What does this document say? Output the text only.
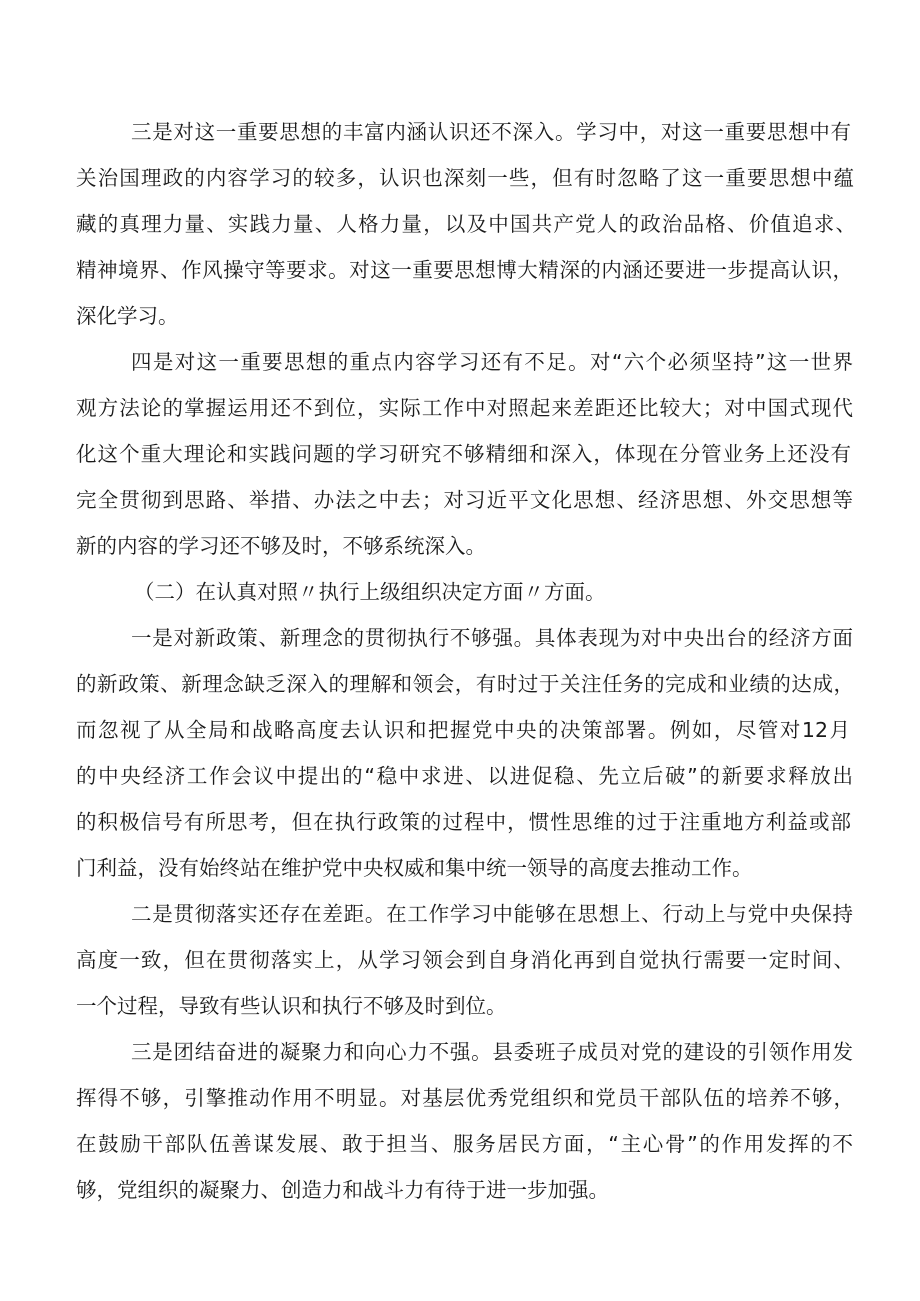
三是对这一重要思想的丰富内涵认识还不深入。学习中，对这一重要思想中有
关治国理政的内容学习的较多，认识也深刻一些，但有时忽略了这一重要思想中蕴
藏的真理力量、实践力量、人格力量，以及中国共产党人的政治品格、价值追求、
精神境界、作风操守等要求。对这一重要思想博大精深的内涵还要进一步提高认识，
深化学习。
四是对这一重要思想的重点内容学习还有不足。对“六个必须坚持”这一世界
观方法论的掌握运用还不到位，实际工作中对照起来差距还比较大；对中国式现代
化这个重大理论和实践问题的学习研究不够精细和深入，体现在分管业务上还没有
完全贯彻到思路、举措、办法之中去；对习近平文化思想、经济思想、外交思想等
新的内容的学习还不够及时，不够系统深入。
（二）在认真对照〃执行上级组织决定方面〃方面。
一是对新政策、新理念的贯彻执行不够强。具体表现为对中央出台的经济方面
的新政策、新理念缺乏深入的理解和领会，有时过于关注任务的完成和业绩的达成，
而忽视了从全局和战略高度去认识和把握党中央的决策部署。例如，尽管对12月
的中央经济工作会议中提出的“稳中求进、以进促稳、先立后破”的新要求释放出
的积极信号有所思考，但在执行政策的过程中，惯性思维的过于注重地方利益或部
门利益，没有始终站在维护党中央权威和集中统一领导的高度去推动工作。
二是贯彻落实还存在差距。在工作学习中能够在思想上、行动上与党中央保持
高度一致，但在贯彻落实上，从学习领会到自身消化再到自觉执行需要一定时间、
一个过程，导致有些认识和执行不够及时到位。
三是团结奋进的凝聚力和向心力不强。县委班子成员对党的建设的引领作用发
挥得不够，引擎推动作用不明显。对基层优秀党组织和党员干部队伍的培养不够，
在鼓励干部队伍善谋发展、敢于担当、服务居民方面，“主心骨”的作用发挥的不
够，党组织的凝聚力、创造力和战斗力有待于进一步加强。
